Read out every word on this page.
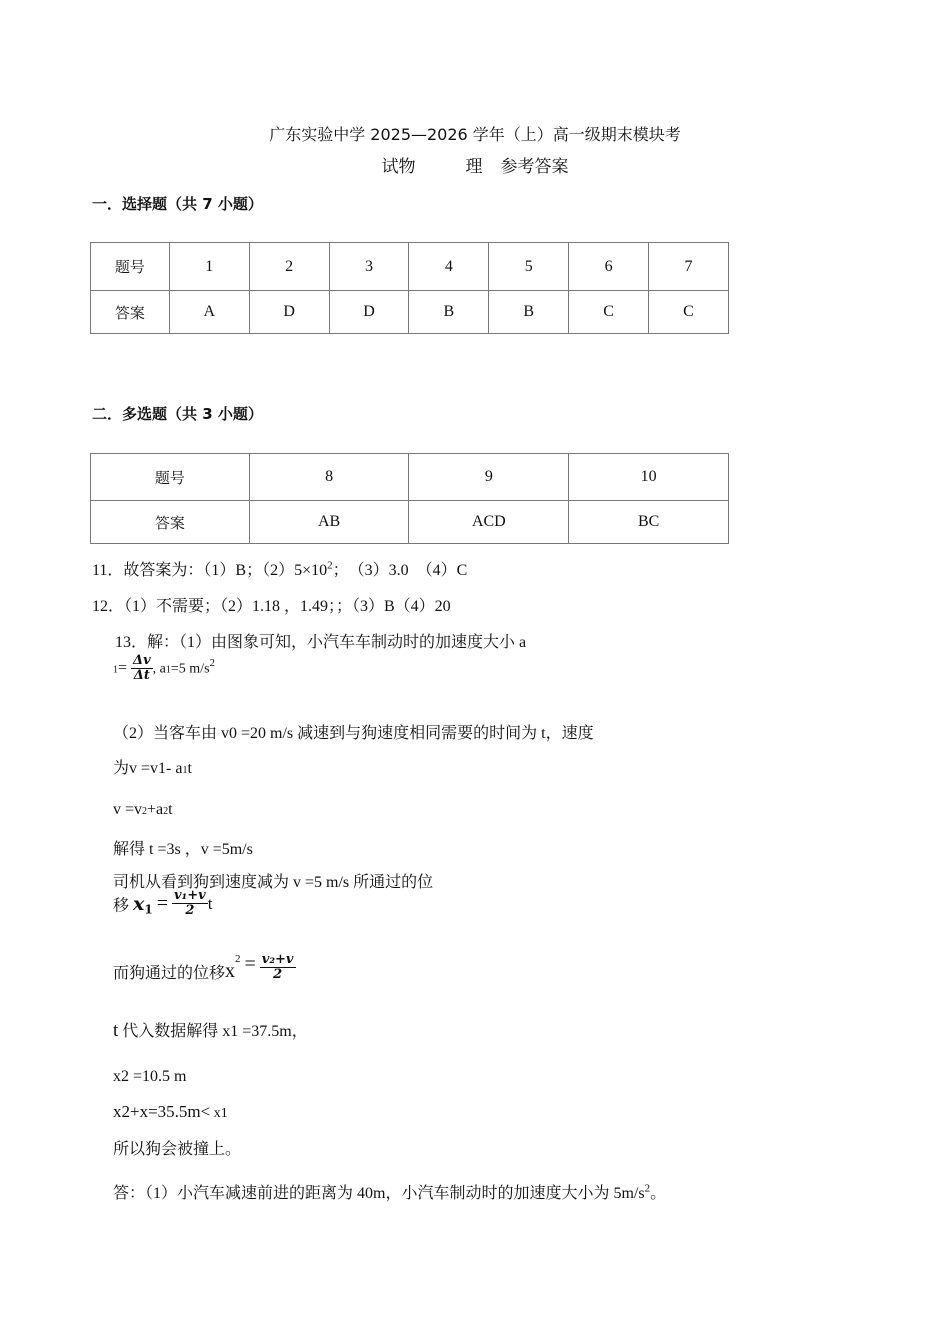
广东实验中学 2025—2026 学年（上）高一级期末模块考
试物	理 参考答案
一．选择题（共 7 小题）
题号	1	2	3	4	5	6	7
答案	A	D	D	B	B	C	C
二．多选题（共 3 小题）
题号	8	9	10
答案	AB	ACD	BC
11．故答案为：（1）B；$(2)5\times 10^2$；　（3）3.0　（4）C
12．（1）不需要；（2）1.18 ，1.49；；（3）B（4）20
13．解：（1）由图象可知，小汽车车制动时的加速度大小 a
$1= \frac{\Delta v}{\Delta t}$ , a1=5 $m/s^2$
（2）当客车由 v0 =20 m/s 减速到与狗速度相同需要的时间为 t，速度
为v =v1- a1t
v =v2+a2t
解得 t =3s ，v =5m/s
司机从看到狗到速度减为 v =5 m/s 所通过的位
移 $x_1 = \frac{\text{v₁+v}}{2}$ t
而狗通过的位移$x^2 = \frac{\text{v₂+v}}{2}$
t 代入数据解得 x1 =37.5m，
x2 =10.5 m
x2+x=35.5m< x1
所以狗会被撞上。
答：（1）小汽车减速前进的距离为 40m，小汽车制动时的加速度大小为 $5m/s^2$。
